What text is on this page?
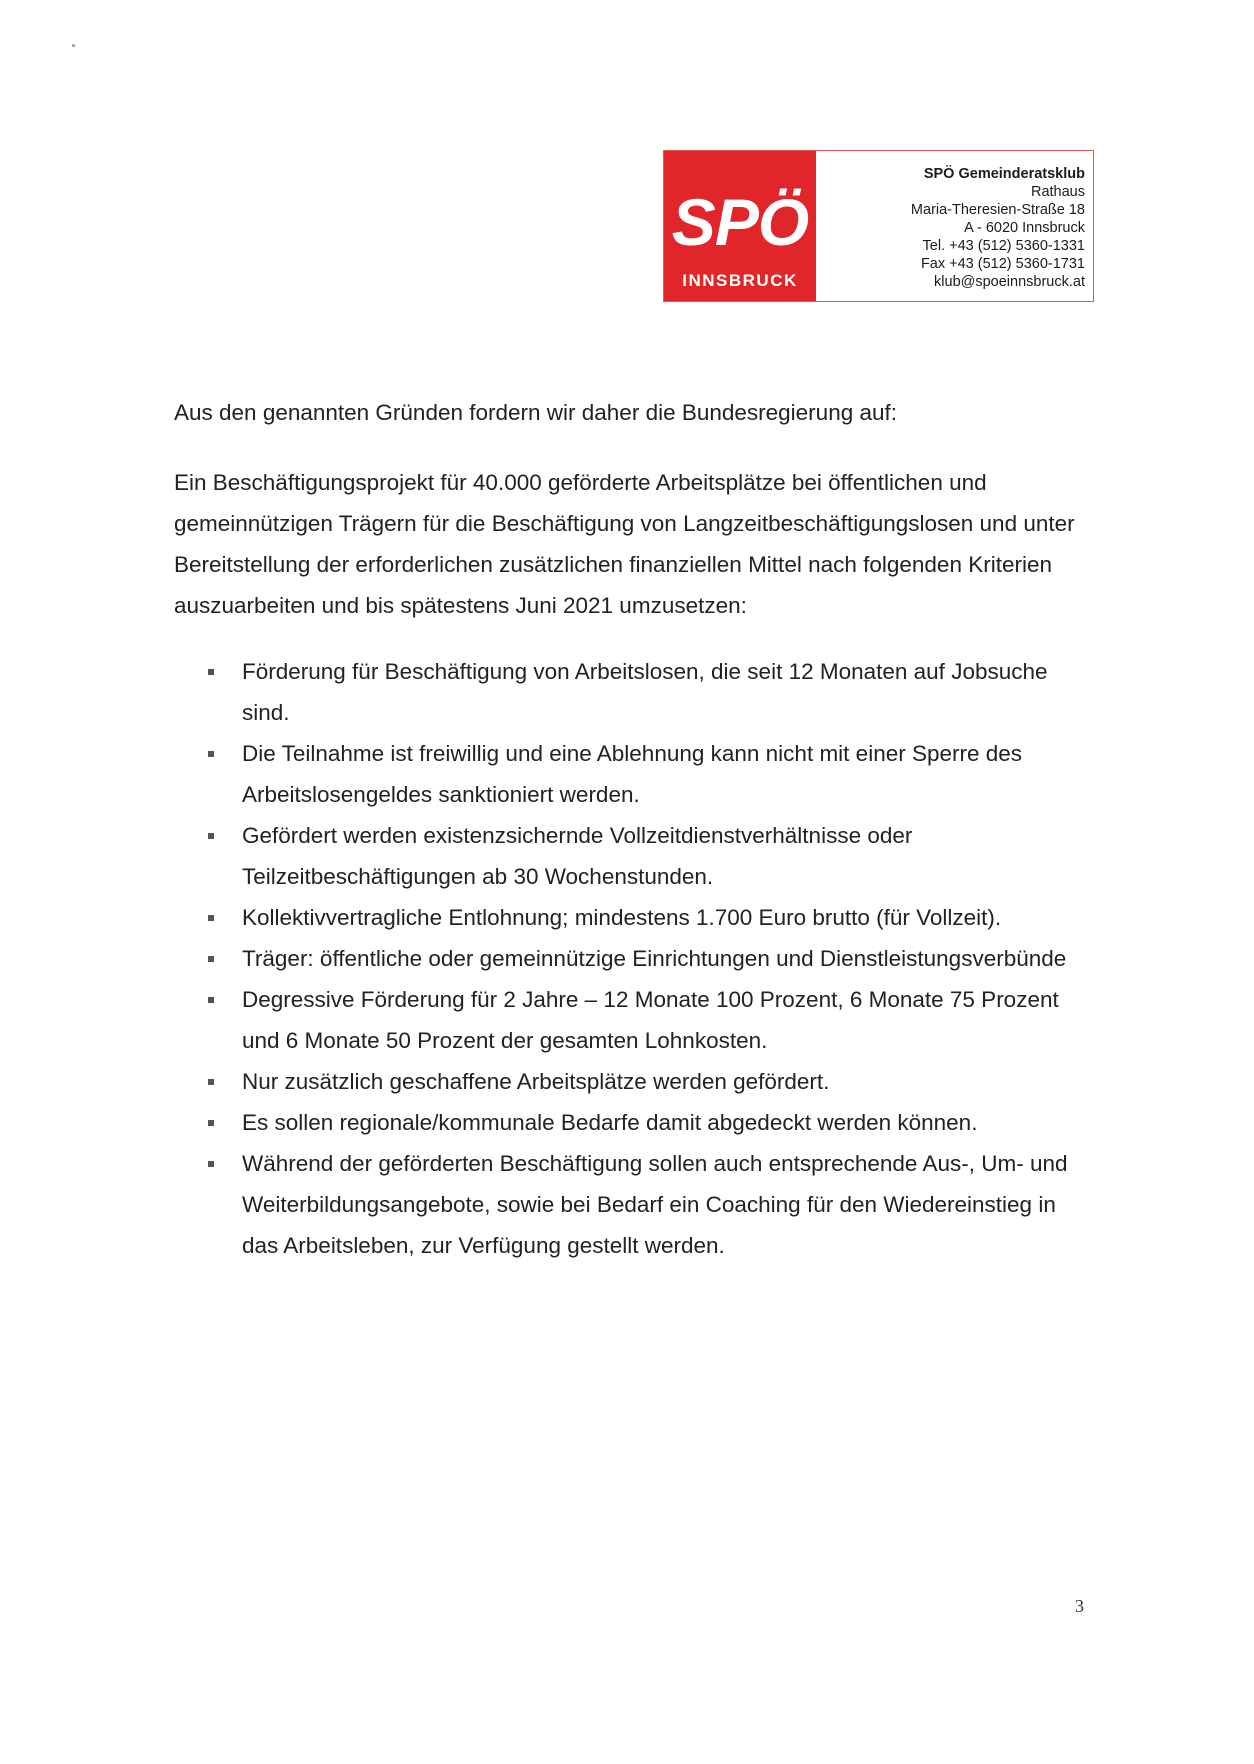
SPÖ
INNSBRUCK
SPÖ Gemeinderatsklub
Rathaus
Maria-Theresien-Straße 18
A - 6020 Innsbruck
Tel. +43 (512) 5360-1331
Fax +43 (512) 5360-1731
klub@spoeinnsbruck.at

Aus den genannten Gründen fordern wir daher die Bundesregierung auf:

Ein Beschäftigungsprojekt für 40.000 geförderte Arbeitsplätze bei öffentlichen und gemeinnützigen Trägern für die Beschäftigung von Langzeitbeschäftigungslosen und unter Bereitstellung der erforderlichen zusätzlichen finanziellen Mittel nach folgenden Kriterien auszuarbeiten und bis spätestens Juni 2021 umzusetzen:

Förderung für Beschäftigung von Arbeitslosen, die seit 12 Monaten auf Jobsuche sind.
Die Teilnahme ist freiwillig und eine Ablehnung kann nicht mit einer Sperre des Arbeitslosengeldes sanktioniert werden.
Gefördert werden existenzsichernde Vollzeitdienstverhältnisse oder Teilzeitbeschäftigungen ab 30 Wochenstunden.
Kollektivvertragliche Entlohnung; mindestens 1.700 Euro brutto (für Vollzeit).
Träger: öffentliche oder gemeinnützige Einrichtungen und Dienstleistungsverbünde
Degressive Förderung für 2 Jahre – 12 Monate 100 Prozent, 6 Monate 75 Prozent und 6 Monate 50 Prozent der gesamten Lohnkosten.
Nur zusätzlich geschaffene Arbeitsplätze werden gefördert.
Es sollen regionale/kommunale Bedarfe damit abgedeckt werden können.
Während der geförderten Beschäftigung sollen auch entsprechende Aus-, Um- und Weiterbildungsangebote, sowie bei Bedarf ein Coaching für den Wiedereinstieg in das Arbeitsleben, zur Verfügung gestellt werden.
3
